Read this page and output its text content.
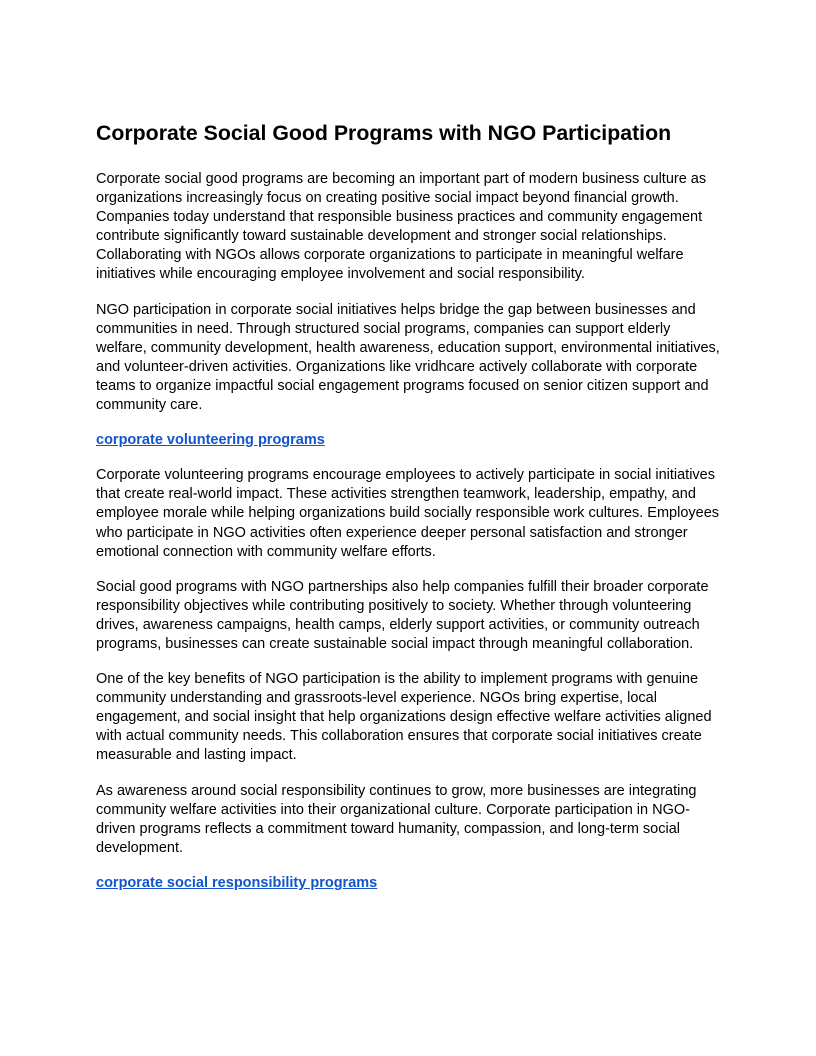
Corporate Social Good Programs with NGO Participation

Corporate social good programs are becoming an important part of modern business culture as organizations increasingly focus on creating positive social impact beyond financial growth. Companies today understand that responsible business practices and community engagement contribute significantly toward sustainable development and stronger social relationships. Collaborating with NGOs allows corporate organizations to participate in meaningful welfare initiatives while encouraging employee involvement and social responsibility.

NGO participation in corporate social initiatives helps bridge the gap between businesses and communities in need. Through structured social programs, companies can support elderly welfare, community development, health awareness, education support, environmental initiatives, and volunteer-driven activities. Organizations like vridhcare actively collaborate with corporate teams to organize impactful social engagement programs focused on senior citizen support and community care.

corporate volunteering programs

Corporate volunteering programs encourage employees to actively participate in social initiatives that create real-world impact. These activities strengthen teamwork, leadership, empathy, and employee morale while helping organizations build socially responsible work cultures. Employees who participate in NGO activities often experience deeper personal satisfaction and stronger emotional connection with community welfare efforts.

Social good programs with NGO partnerships also help companies fulfill their broader corporate responsibility objectives while contributing positively to society. Whether through volunteering drives, awareness campaigns, health camps, elderly support activities, or community outreach programs, businesses can create sustainable social impact through meaningful collaboration.

One of the key benefits of NGO participation is the ability to implement programs with genuine community understanding and grassroots-level experience. NGOs bring expertise, local engagement, and social insight that help organizations design effective welfare activities aligned with actual community needs. This collaboration ensures that corporate social initiatives create measurable and lasting impact.

As awareness around social responsibility continues to grow, more businesses are integrating community welfare activities into their organizational culture. Corporate participation in NGO-driven programs reflects a commitment toward humanity, compassion, and long-term social development.

corporate social responsibility programs
